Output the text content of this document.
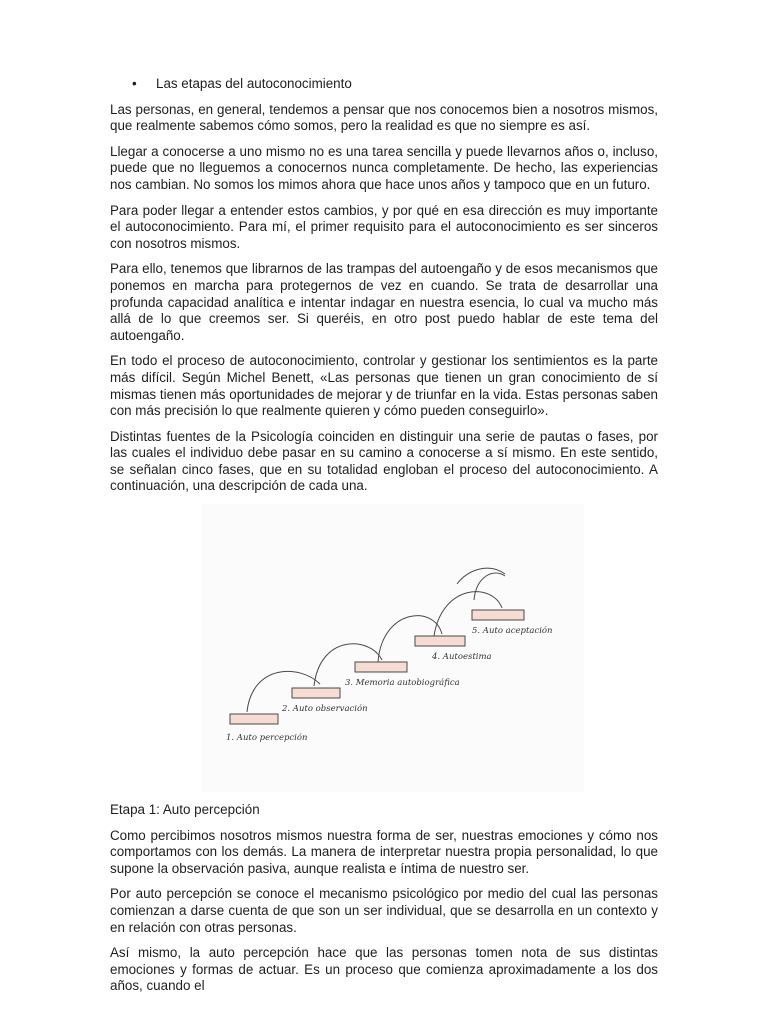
• Las etapas del autoconocimiento

Las personas, en general, tendemos a pensar que nos conocemos bien a nosotros mismos, que realmente sabemos cómo somos, pero la realidad es que no siempre es así.

Llegar a conocerse a uno mismo no es una tarea sencilla y puede llevarnos años o, incluso, puede que no lleguemos a conocernos nunca completamente. De hecho, las experiencias nos cambian. No somos los mimos ahora que hace unos años y tampoco que en un futuro.

Para poder llegar a entender estos cambios, y por qué en esa dirección es muy importante el autoconocimiento. Para mí, el primer requisito para el autoconocimiento es ser sinceros con nosotros mismos.

Para ello, tenemos que librarnos de las trampas del autoengaño y de esos mecanismos que ponemos en marcha para protegernos de vez en cuando. Se trata de desarrollar una profunda capacidad analítica e intentar indagar en nuestra esencia, lo cual va mucho más allá de lo que creemos ser. Si queréis, en otro post puedo hablar de este tema del autoengaño.

En todo el proceso de autoconocimiento, controlar y gestionar los sentimientos es la parte más difícil. Según Michel Benett, «Las personas que tienen un gran conocimiento de sí mismas tienen más oportunidades de mejorar y de triunfar en la vida. Estas personas saben con más precisión lo que realmente quieren y cómo pueden conseguirlo».

Distintas fuentes de la Psicología coinciden en distinguir una serie de pautas o fases, por las cuales el individuo debe pasar en su camino a conocerse a sí mismo. En este sentido, se señalan cinco fases, que en su totalidad engloban el proceso del autoconocimiento. A continuación, una descripción de cada una.

1. Auto percepción
2. Auto observación
3. Memoria autobiográfica
4. Autoestima
5. Auto aceptación
Etapa 1: Auto percepción

Como percibimos nosotros mismos nuestra forma de ser, nuestras emociones y cómo nos comportamos con los demás. La manera de interpretar nuestra propia personalidad, lo que supone la observación pasiva, aunque realista e íntima de nuestro ser.

Por auto percepción se conoce el mecanismo psicológico por medio del cual las personas comienzan a darse cuenta de que son un ser individual, que se desarrolla en un contexto y en relación con otras personas.

Así mismo, la auto percepción hace que las personas tomen nota de sus distintas emociones y formas de actuar. Es un proceso que comienza aproximadamente a los dos años, cuando el
